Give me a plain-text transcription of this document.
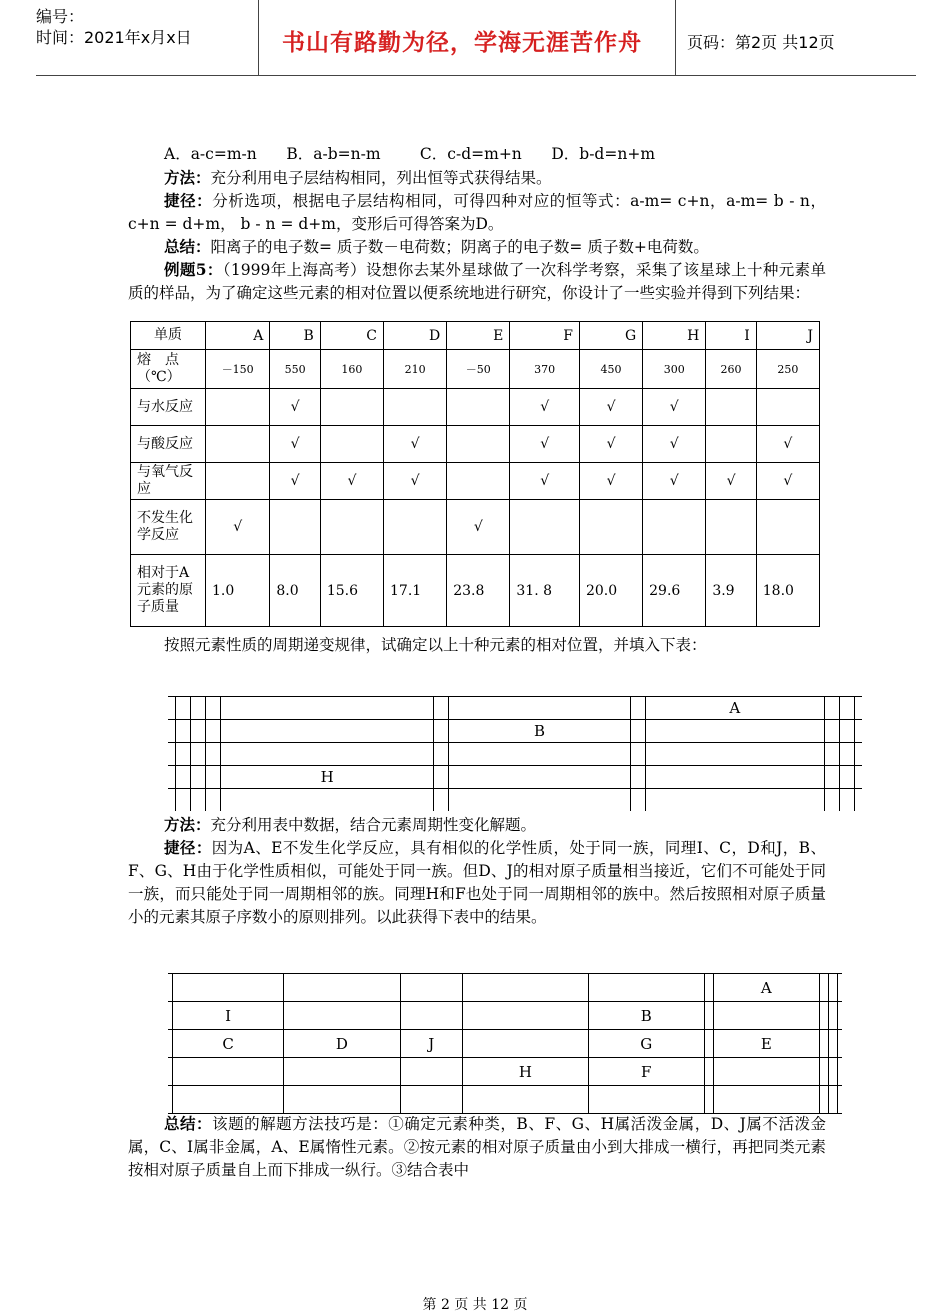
编号：
时间：2021年x月x日	书山有路勤为径，学海无涯苦作舟	页码：第2页 共12页
A．a-c=m-n      B．a-b=n-m        C．c-d=m+n      D．b-d=n+m
方法：充分利用电子层结构相同，列出恒等式获得结果。
捷径：分析选项，根据电子层结构相同，可得四种对应的恒等式：a-m= c+n，a-m= b - n，c+n = d+m， b - n = d+m，变形后可得答案为D。
总结：阳离子的电子数= 质子数－电荷数；阴离子的电子数= 质子数+电荷数。
例题5：（1999年上海高考）设想你去某外星球做了一次科学考察，采集了该星球上十种元素单质的样品，为了确定这些元素的相对位置以便系统地进行研究，你设计了一些实验并得到下列结果：
单质	A	B	C	D	E	F	G	H	I	J
熔　点（℃）	－150	550	160	210	－50	370	450	300	260	250
与水反应		√				√	√	√		
与酸反应		√		√		√	√	√		√
与氧气反应		√	√	√		√	√	√	√	√
不发生化学反应	√				√					
相对于A元素的原子质量	1.0	8.0	15.6	17.1	23.8	31. 8	20.0	29.6	3.9	18.0
按照元素性质的周期递变规律，试确定以上十种元素的相对位置，并填入下表：
								A			
						B					

				H							

方法：充分利用表中数据，结合元素周期性变化解题。
捷径：因为A、E不发生化学反应，具有相似的化学性质，处于同一族，同理I、C，D和J，B、F、G、H由于化学性质相似，可能处于同一族。但D、J的相对原子质量相当接近，它们不可能处于同一族，而只能处于同一周期相邻的族。同理H和F也处于同一周期相邻的族中。然后按照相对原子质量小的元素其原子序数小的原则排列。以此获得下表中的结果。
							A			
	I				B					
	C	D	J		G		E			
				H	F					

总结：该题的解题方法技巧是：①确定元素种类，B、F、G、H属活泼金属，D、J属不活泼金属，C、I属非金属，A、E属惰性元素。②按元素的相对原子质量由小到大排成一横行，再把同类元素按相对原子质量自上而下排成一纵行。③结合表中
第 2 页 共 12 页
